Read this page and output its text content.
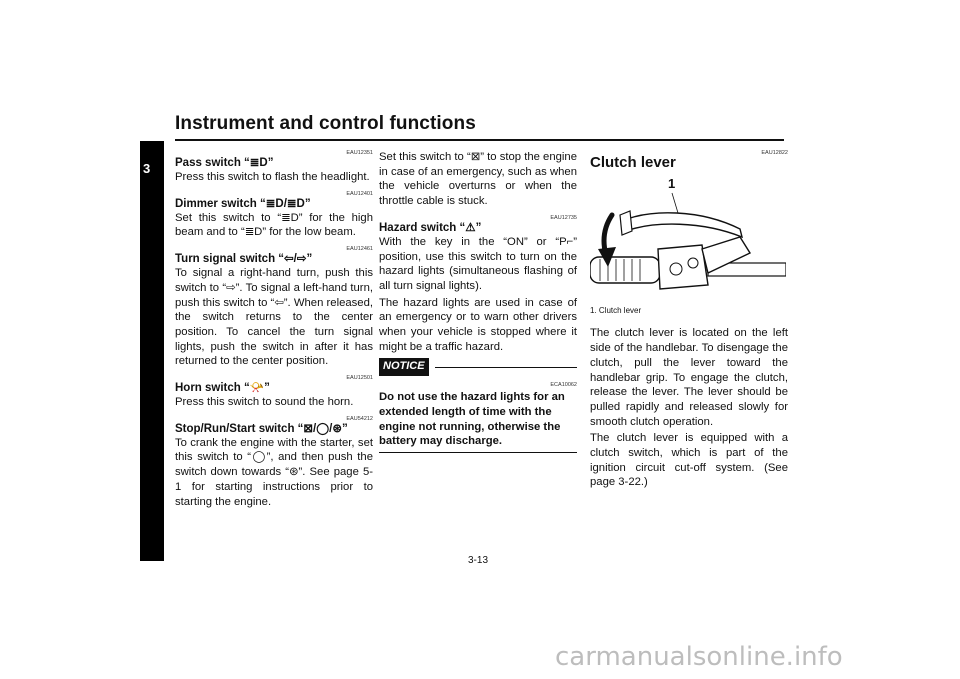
Instrument and control functions
3
EAU12351
Pass switch “≣D”

Press this switch to flash the headlight.

EAU12401
Dimmer switch “≣D/≣D”

Set this switch to “≣D” for the high beam and to “≣D” for the low beam.

EAU12461
Turn signal switch “⇦/⇨”

To signal a right-hand turn, push this switch to “⇨”. To signal a left-hand turn, push this switch to “⇦”. When released, the switch returns to the center position. To cancel the turn signal lights, push the switch in after it has returned to the center position.

EAU12501
Horn switch “📯”

Press this switch to sound the horn.

EAU54212
Stop/Run/Start switch “⊠/◯/⊛”

To crank the engine with the starter, set this switch to “◯”, and then push the switch down towards “⊛”. See page 5-1 for starting instructions prior to starting the engine.

Set this switch to “⊠” to stop the engine in case of an emergency, such as when the vehicle overturns or when the throttle cable is stuck.

EAU12735
Hazard switch “⚠”

With the key in the “ON” or “P⌐” position, use this switch to turn on the hazard lights (simultaneous flashing of all turn signal lights).

The hazard lights are used in case of an emergency or to warn other drivers when your vehicle is stopped where it might be a traffic hazard.

NOTICE
ECA10062

Do not use the hazard lights for an extended length of time with the engine not running, otherwise the battery may discharge.

EAU12822
Clutch lever
1

1. Clutch lever

The clutch lever is located on the left side of the handlebar. To disengage the clutch, pull the lever toward the handlebar grip. To engage the clutch, release the lever. The lever should be pulled rapidly and released slowly for smooth clutch operation.

The clutch lever is equipped with a clutch switch, which is part of the ignition circuit cut-off system. (See page 3-22.)

3-13
carmanualsonline.info
